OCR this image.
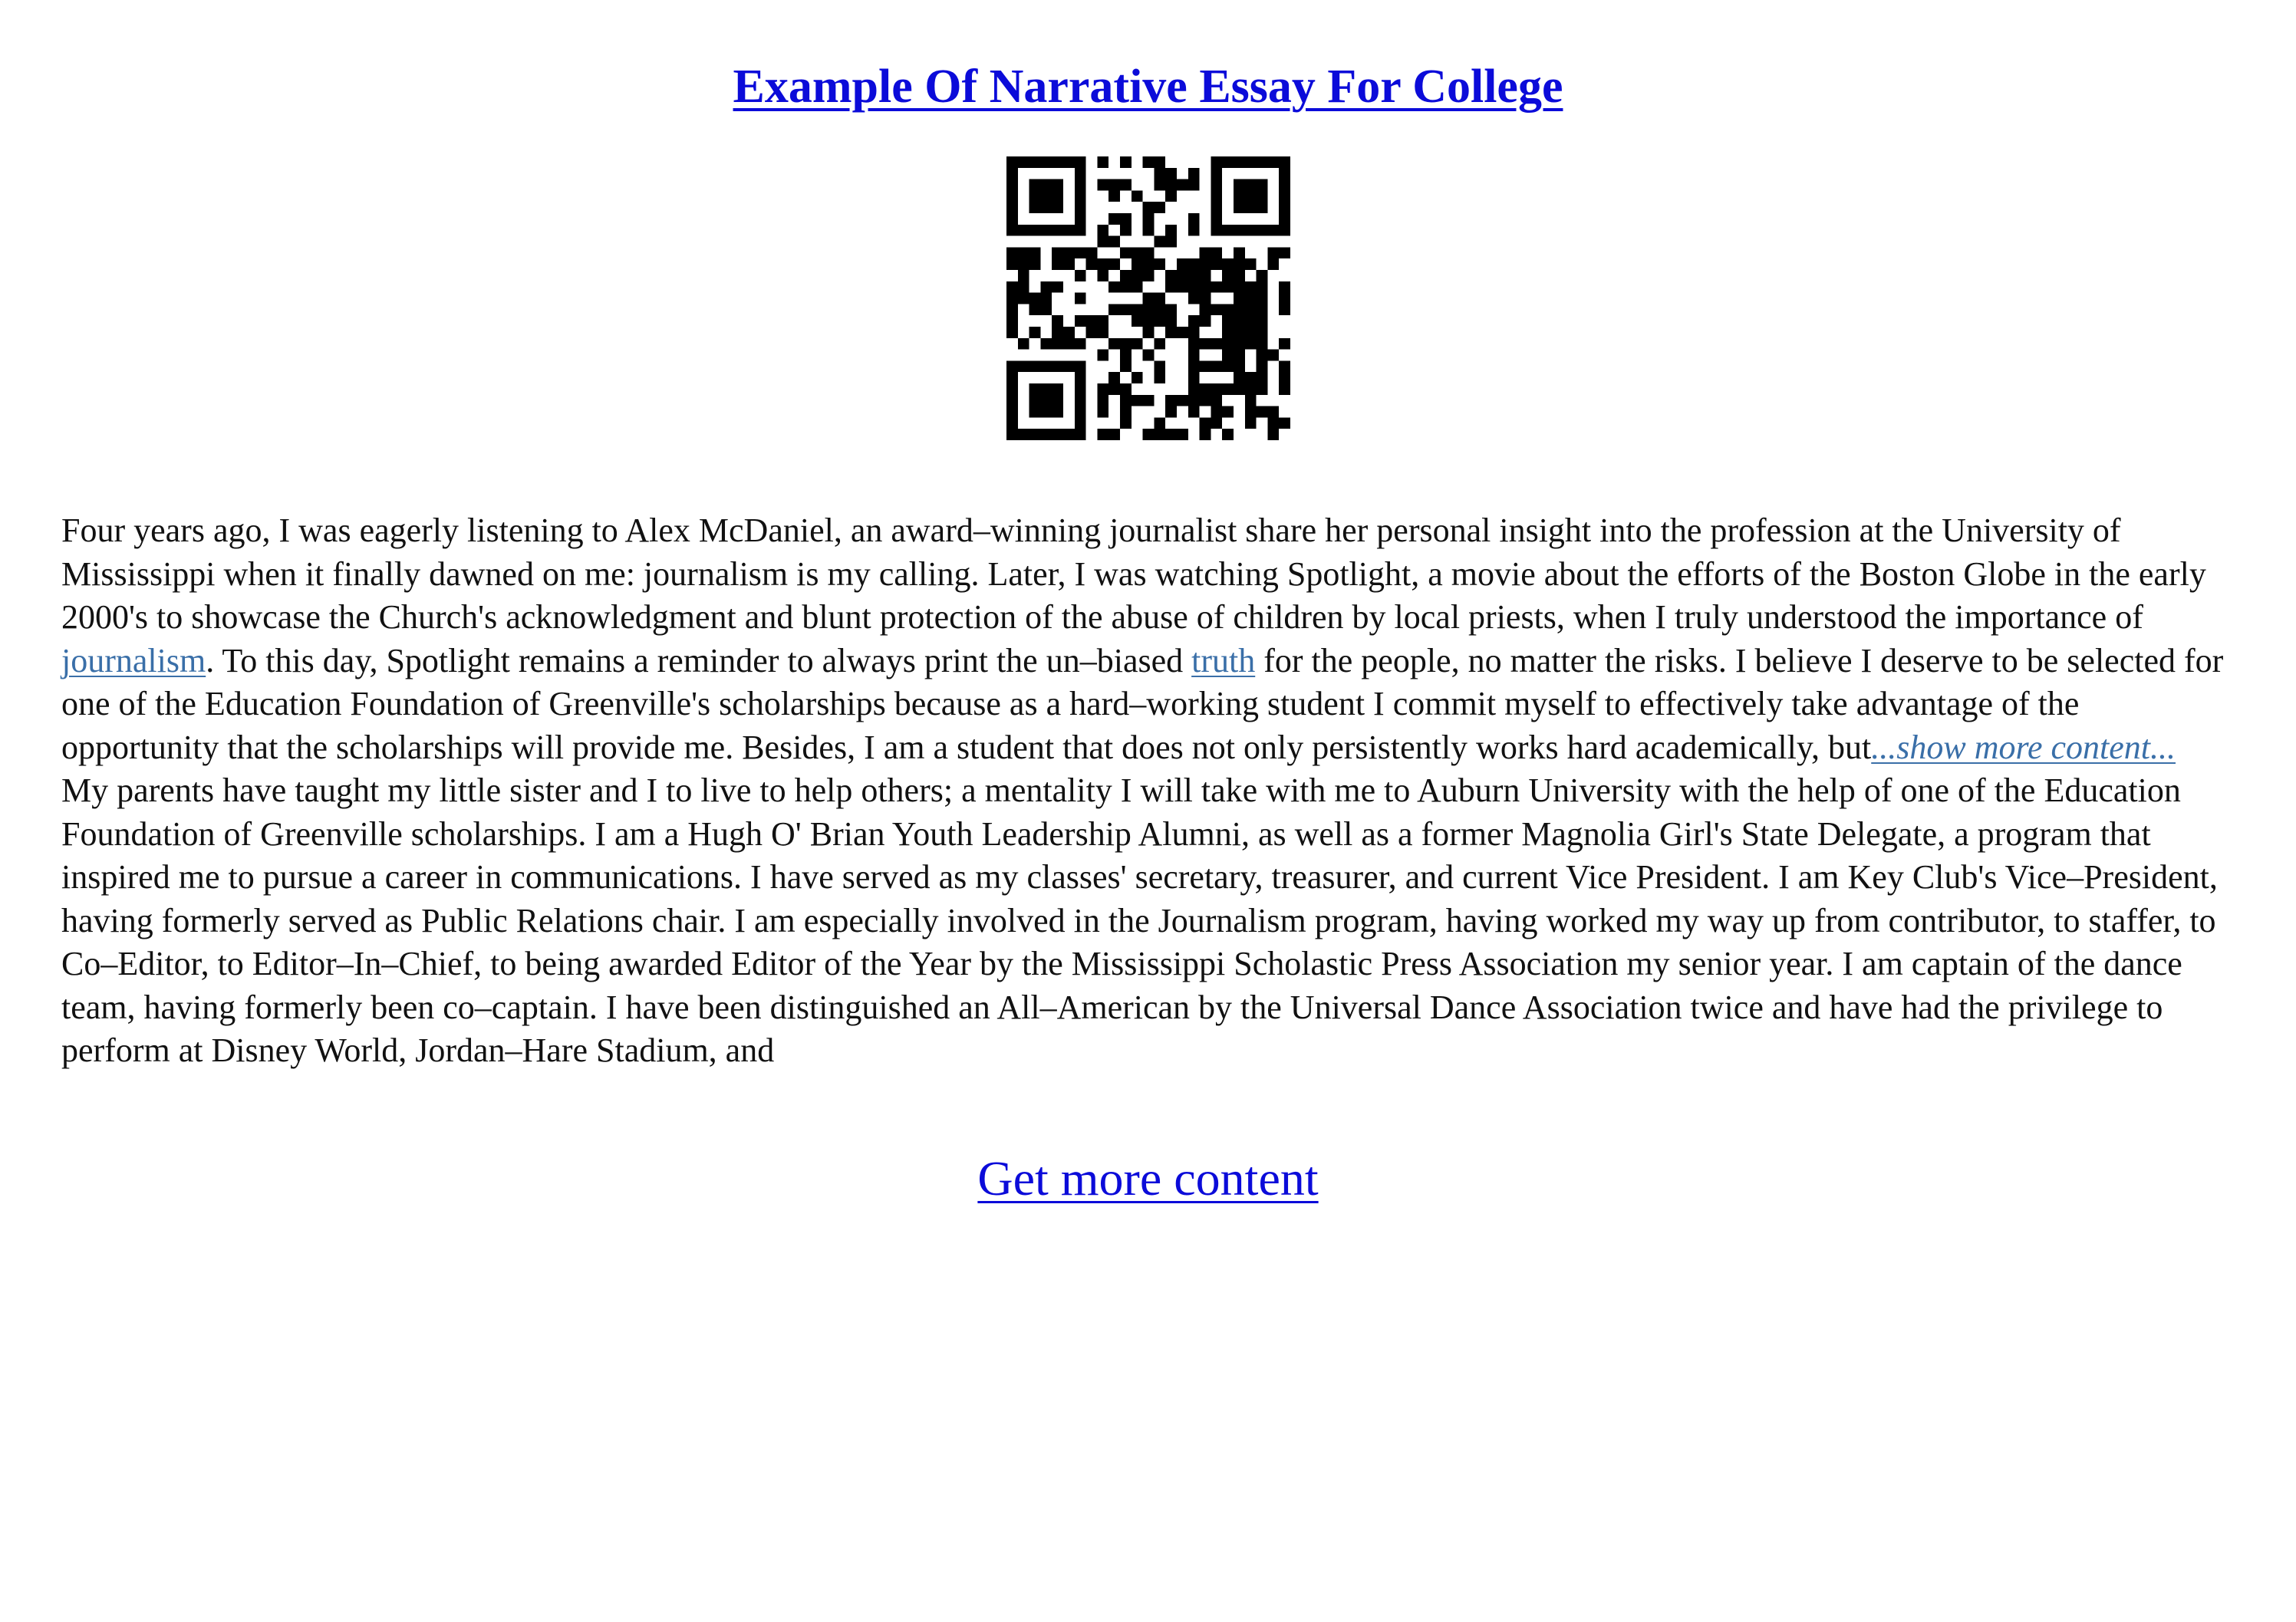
Example Of Narrative Essay For College

Four years ago, I was eagerly listening to Alex McDaniel, an award–winning journalist share her personal insight into the profession at the University of Mississippi when it finally dawned on me: journalism is my calling. Later, I was watching Spotlight, a movie about the efforts of the Boston Globe in the early 2000's to showcase the Church's acknowledgment and blunt protection of the abuse of children by local priests, when I truly understood the importance of journalism. To this day, Spotlight remains a reminder to always print the un–biased truth for the people, no matter the risks. I believe I deserve to be selected for one of the Education Foundation of Greenville's scholarships because as a hard–working student I commit myself to effectively take advantage of the opportunity that the scholarships will provide me. Besides, I am a student that does not only persistently works hard academically, but...show more content...

My parents have taught my little sister and I to live to help others; a mentality I will take with me to Auburn University with the help of one of the Education Foundation of Greenville scholarships. I am a Hugh O' Brian Youth Leadership Alumni, as well as a former Magnolia Girl's State Delegate, a program that inspired me to pursue a career in communications. I have served as my classes' secretary, treasurer, and current Vice President. I am Key Club's Vice–President, having formerly served as Public Relations chair. I am especially involved in the Journalism program, having worked my way up from contributor, to staffer, to Co–Editor, to Editor–In–Chief, to being awarded Editor of the Year by the Mississippi Scholastic Press Association my senior year. I am captain of the dance team, having formerly been co–captain. I have been distinguished an All–American by the Universal Dance Association twice and have had the privilege to perform at Disney World, Jordan–Hare Stadium, and

Get more content
